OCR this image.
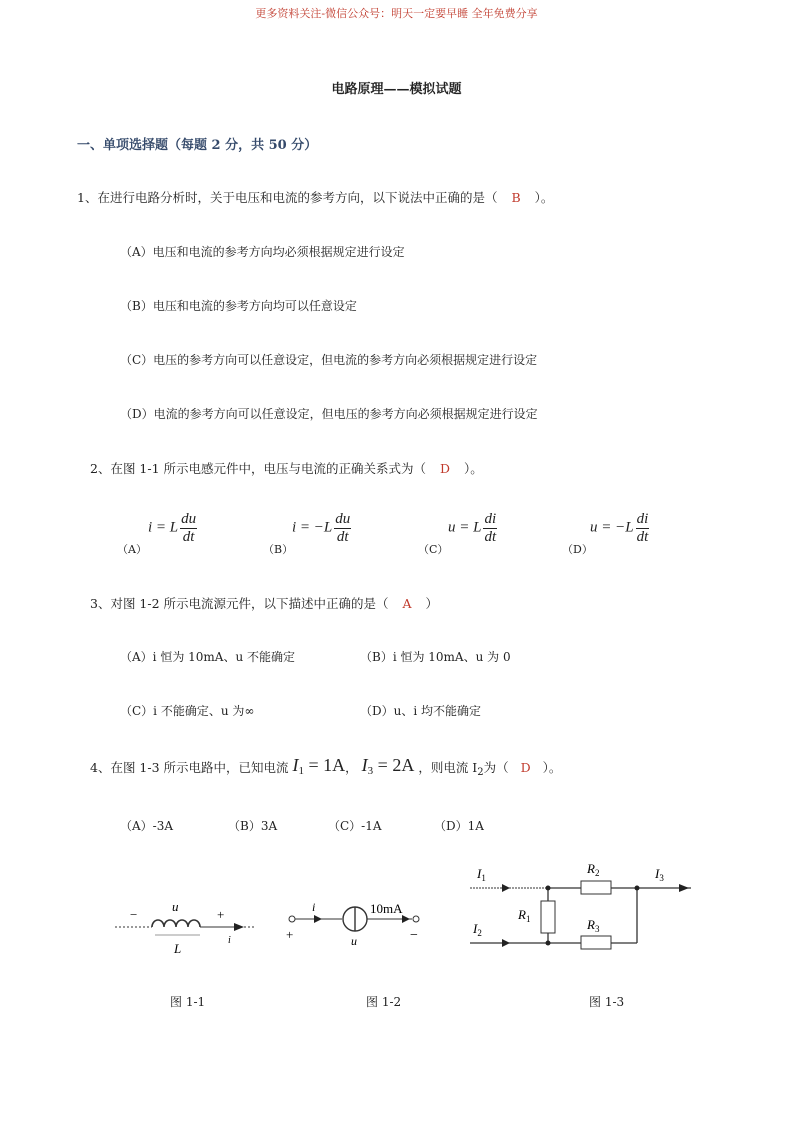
更多资料关注-微信公众号：明天一定要早睡 全年免费分享
电路原理——模拟试题
一、单项选择题（每题 2 分，共 50 分）
1、在进行电路分析时，关于电压和电流的参考方向，以下说法中正确的是（ B ）。
（A）电压和电流的参考方向均必须根据规定进行设定
（B）电压和电流的参考方向均可以任意设定
（C）电压的参考方向可以任意设定，但电流的参考方向必须根据规定进行设定
（D）电流的参考方向可以任意设定，但电压的参考方向必须根据规定进行设定
2、在图 1-1 所示电感元件中，电压与电流的正确关系式为（ D ）。
（A）
i = L $\frac{du}{dt}$
（B）
$i = -L \frac{du}{dt}$
（C）
u = L $\frac{di}{dt}$
（D）
$u = -L \frac{di}{dt}$
3、对图 1-2 所示电流源元件，以下描述中正确的是（ A ）
（A）i 恒为 10mA、u 不能确定	（B）i 恒为 10mA、u 为 0
（C）i 不能确定、u 为∞	（D）u、i 均不能确定
4、在图 1-3 所示电路中，已知电流 $I_1 = 1A$， $I_3 = 2A$ ，则电流 $I_2$为（ D ）。
（A）-3A	（B）3A	（C）-1A	（D）1A
−
u
+
L
i
图 1-1
i	10mA
+	u	−
图 1-2
$I_1$
$I_2$
$I_3$
$R_1$
$R_2$
$R_3$
图 1-3
